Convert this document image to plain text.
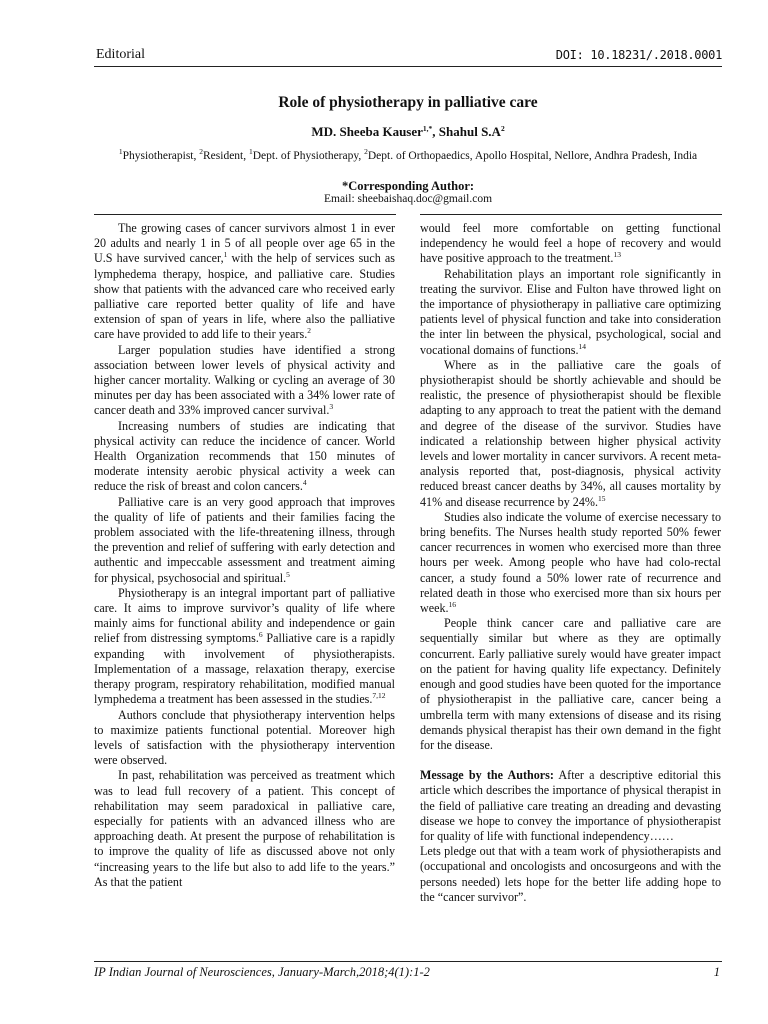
Editorial	DOI: 10.18231/.2018.0001
Role of physiotherapy in palliative care
MD. Sheeba Kauser$^{1,*}$, Shahul $S.A^2$
$^1$Physiotherapist, $^2$Resident, $^1$Dept. of Physiotherapy, $^2$Dept. of Orthopaedics, Apollo Hospital, Nellore, Andhra Pradesh, India
*Corresponding Author:
Email: sheebaishaq.doc@gmail.com

The growing cases of cancer survivors almost 1 in ever 20 adults and nearly 1 in 5 of all people over age 65 in the U.S have survived cancer,$^1$ with the help of services such as lymphedema therapy, hospice, and palliative care. Studies show that patients with the advanced care who received early palliative care reported better quality of life and have extension of span of years in life, where also the palliative care have provided to add life to their years.$^2$

Larger population studies have identified a strong association between lower levels of physical activity and higher cancer mortality. Walking or cycling an average of 30 minutes per day has been associated with a 34% lower rate of cancer death and 33% improved cancer survival.$^3$

Increasing numbers of studies are indicating that physical activity can reduce the incidence of cancer. World Health Organization recommends that 150 minutes of moderate intensity aerobic physical activity a week can reduce the risk of breast and colon cancers.$^4$

Palliative care is an very good approach that improves the quality of life of patients and their families facing the problem associated with the life-threatening illness, through the prevention and relief of suffering with early detection and authentic and impeccable assessment and treatment aiming for physical, psychosocial and spiritual.$^5$

Physiotherapy is an integral important part of palliative care. It aims to improve survivor’s quality of life where mainly aims for functional ability and independence or gain relief from distressing symptoms.$^6$ Palliative care is a rapidly expanding with involvement of physiotherapists. Implementation of a massage, relaxation therapy, exercise therapy program, respiratory rehabilitation, modified manual lymphedema a treatment has been assessed in the studies.$^{7,12}$

Authors conclude that physiotherapy intervention helps to maximize patients functional potential. Moreover high levels of satisfaction with the physiotherapy intervention were observed.

In past, rehabilitation was perceived as treatment which was to lead full recovery of a patient. This concept of rehabilitation may seem paradoxical in palliative care, especially for patients with an advanced illness who are approaching death. At present the purpose of rehabilitation is to improve the quality of life as discussed above not only “increasing years to the life but also to add life to the years.” As that the patient

would feel more comfortable on getting functional independency he would feel a hope of recovery and would have positive approach to the treatment.$^{13}$

Rehabilitation plays an important role significantly in treating the survivor. Elise and Fulton have throwed light on the importance of physiotherapy in palliative care optimizing patients level of physical function and take into consideration the inter lin between the physical, psychological, social and vocational domains of functions.$^{14}$

Where as in the palliative care the goals of physiotherapist should be shortly achievable and should be realistic, the presence of physiotherapist should be flexible adapting to any approach to treat the patient with the demand and degree of the disease of the survivor. Studies have indicated a relationship between higher physical activity levels and lower mortality in cancer survivors. A recent meta-analysis reported that, post-diagnosis, physical activity reduced breast cancer deaths by 34%, all causes mortality by 41% and disease recurrence by 24%.$^{15}$

Studies also indicate the volume of exercise necessary to bring benefits. The Nurses health study reported 50% fewer cancer recurrences in women who exercised more than three hours per week. Among people who have had colo-rectal cancer, a study found a 50% lower rate of recurrence and related death in those who exercised more than six hours per week.$^{16}$

People think cancer care and palliative care are sequentially similar but where as they are optimally concurrent. Early palliative surely would have greater impact on the patient for having quality life expectancy. Definitely enough and good studies have been quoted for the importance of physiotherapist in the palliative care, cancer being a umbrella term with many extensions of disease and its rising demands physical therapist has their own demand in the fight for the disease.

Message by the Authors: After a descriptive editorial this article which describes the importance of physical therapist in the field of palliative care treating an dreading and devasting disease we hope to convey the importance of physiotherapist for quality of life with functional independency……

Lets pledge out that with a team work of physiotherapists and (occupational and oncologists and oncosurgeons and with the persons needed) lets hope for the better life adding hope to the “cancer survivor”.

IP Indian Journal of Neurosciences, January-March,2018;4(1):1-2	1
